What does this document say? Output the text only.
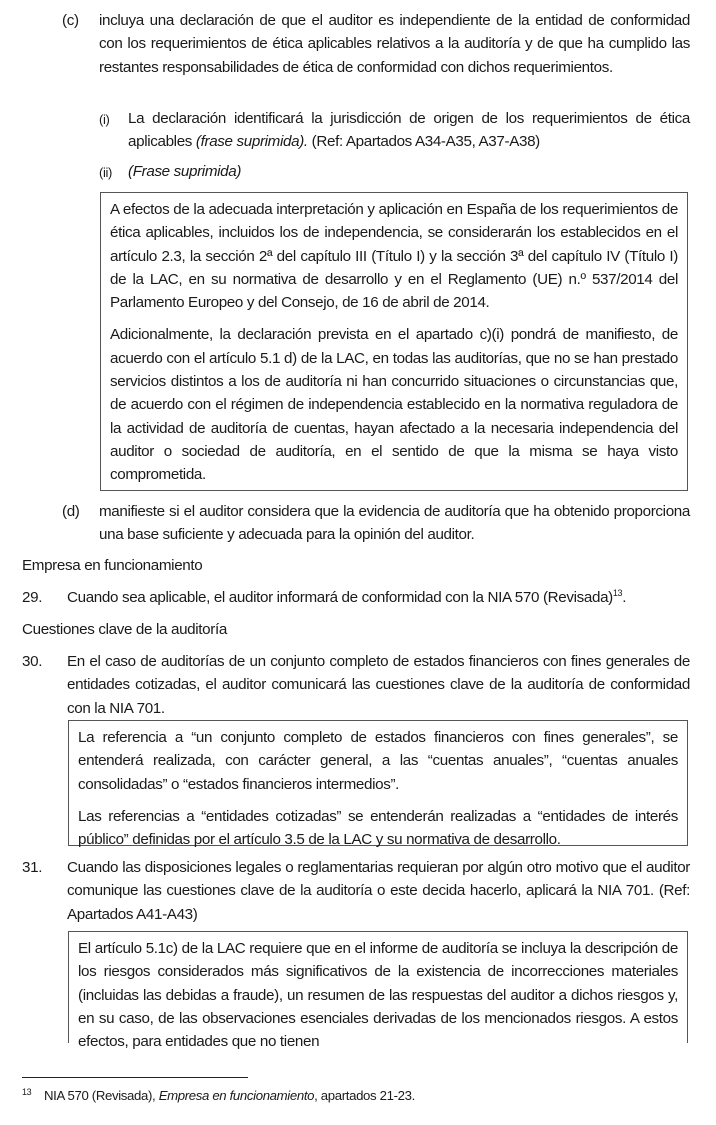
(c) incluya una declaración de que el auditor es independiente de la entidad de conformidad con los requerimientos de ética aplicables relativos a la auditoría y de que ha cumplido las restantes responsabilidades de ética de conformidad con dichos requerimientos.

(i) La declaración identificará la jurisdicción de origen de los requerimientos de ética aplicables (frase suprimida). (Ref: Apartados A34-A35, A37-A38)

(ii) (Frase suprimida)

A efectos de la adecuada interpretación y aplicación en España de los requerimientos de ética aplicables, incluidos los de independencia, se considerarán los establecidos en el artículo 2.3, la sección 2ª del capítulo III (Título I) y la sección 3ª del capítulo IV (Título I) de la LAC, en su normativa de desarrollo y en el Reglamento (UE) n.º 537/2014 del Parlamento Europeo y del Consejo, de 16 de abril de 2014.

Adicionalmente, la declaración prevista en el apartado c)(i) pondrá de manifiesto, de acuerdo con el artículo 5.1 d) de la LAC, en todas las auditorías, que no se han prestado servicios distintos a los de auditoría ni han concurrido situaciones o circunstancias que, de acuerdo con el régimen de independencia establecido en la normativa reguladora de la actividad de auditoría de cuentas, hayan afectado a la necesaria independencia del auditor o sociedad de auditoría, en el sentido de que la misma se haya visto comprometida.

(d) manifieste si el auditor considera que la evidencia de auditoría que ha obtenido proporciona una base suficiente y adecuada para la opinión del auditor.

Empresa en funcionamiento
29. Cuando sea aplicable, el auditor informará de conformidad con la NIA 570 (Revisada)$^{13}$.

Cuestiones clave de la auditoría
30. En el caso de auditorías de un conjunto completo de estados financieros con fines generales de entidades cotizadas, el auditor comunicará las cuestiones clave de la auditoría de conformidad con la NIA 701.

La referencia a “un conjunto completo de estados financieros con fines generales”, se entenderá realizada, con carácter general, a las “cuentas anuales”, “cuentas anuales consolidadas” o “estados financieros intermedios”.

Las referencias a “entidades cotizadas” se entenderán realizadas a “entidades de interés público” definidas por el artículo 3.5 de la LAC y su normativa de desarrollo.

31. Cuando las disposiciones legales o reglamentarias requieran por algún otro motivo que el auditor comunique las cuestiones clave de la auditoría o este decida hacerlo, aplicará la NIA 701. (Ref: Apartados A41-A43)

El artículo 5.1c) de la LAC requiere que en el informe de auditoría se incluya la descripción de los riesgos considerados más significativos de la existencia de incorrecciones materiales (incluidas las debidas a fraude), un resumen de las respuestas del auditor a dichos riesgos y, en su caso, de las observaciones esenciales derivadas de los mencionados riesgos. A estos efectos, para entidades que no tienen

13 NIA 570 (Revisada), Empresa en funcionamiento, apartados 21-23.
